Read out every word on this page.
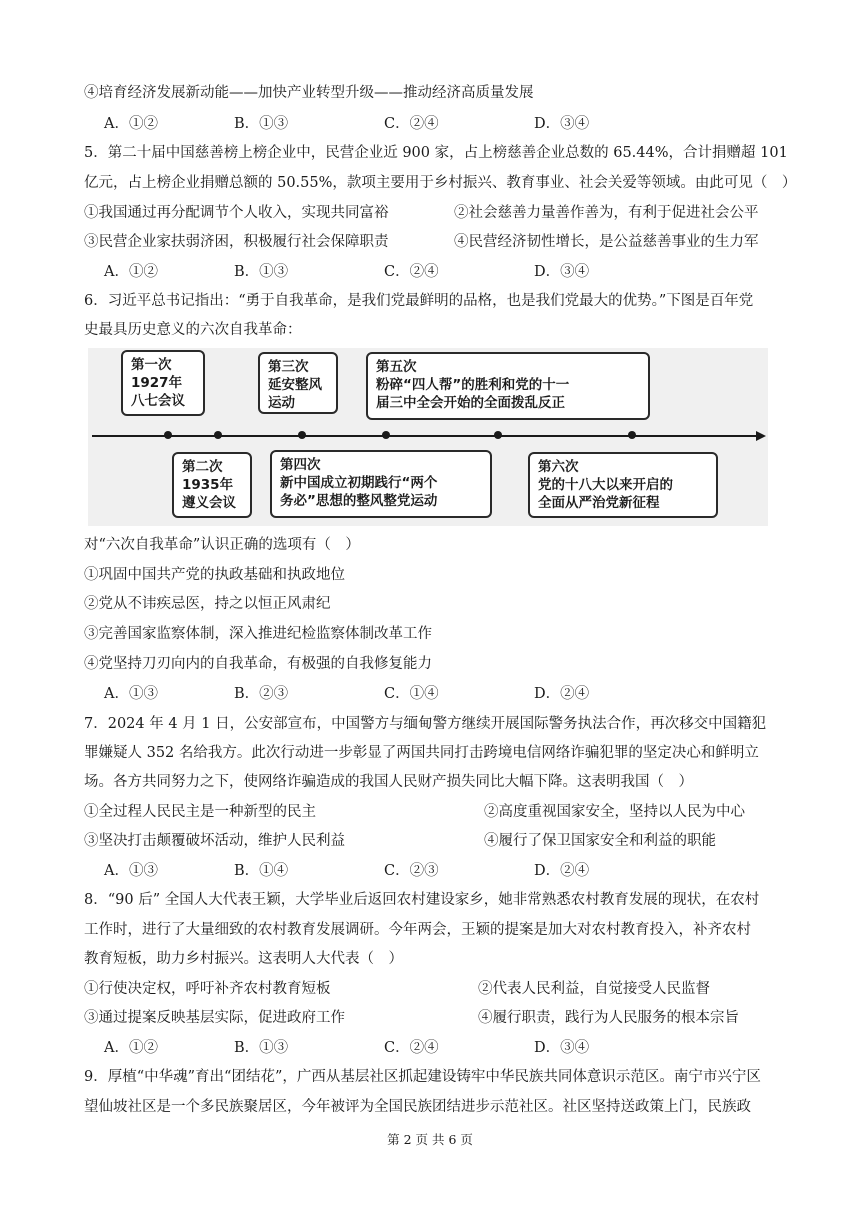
④培育经济发展新动能——加快产业转型升级——推动经济高质量发展
A．①②	B．①③	C．②④	D．③④
5．第二十届中国慈善榜上榜企业中，民营企业近 900 家，占上榜慈善企业总数的 65.44%，合计捐赠超 101
亿元，占上榜企业捐赠总额的 50.55%，款项主要用于乡村振兴、教育事业、社会关爱等领域。由此可见（　）
①我国通过再分配调节个人收入，实现共同富裕	②社会慈善力量善作善为，有利于促进社会公平
③民营企业家扶弱济困，积极履行社会保障职责	④民营经济韧性增长，是公益慈善事业的生力军
A．①②	B．①③	C．②④	D．③④
6．习近平总书记指出：“勇于自我革命，是我们党最鲜明的品格，也是我们党最大的优势。”下图是百年党
史最具历史意义的六次自我革命：
第一次
1927年
八七会议
第三次
延安整风
运动
第五次
粉碎“四人帮”的胜利和党的十一
届三中全会开始的全面拨乱反正
第二次
1935年
遵义会议
第四次
新中国成立初期践行“两个
务必”思想的整风整党运动
第六次
党的十八大以来开启的
全面从严治党新征程
对“六次自我革命”认识正确的选项有（　）
①巩固中国共产党的执政基础和执政地位
②党从不讳疾忌医，持之以恒正风肃纪
③完善国家监察体制，深入推进纪检监察体制改革工作
④党坚持刀刃向内的自我革命，有极强的自我修复能力
A．①③	B．②③	C．①④	D．②④
7．2024 年 4 月 1 日，公安部宣布，中国警方与缅甸警方继续开展国际警务执法合作，再次移交中国籍犯
罪嫌疑人 352 名给我方。此次行动进一步彰显了两国共同打击跨境电信网络诈骗犯罪的坚定决心和鲜明立
场。各方共同努力之下，使网络诈骗造成的我国人民财产损失同比大幅下降。这表明我国（　）
①全过程人民民主是一种新型的民主	②高度重视国家安全，坚持以人民为中心
③坚决打击颠覆破坏活动，维护人民利益	④履行了保卫国家安全和利益的职能
A．①③	B．①④	C．②③	D．②④
8．“90 后” 全国人大代表王颖，大学毕业后返回农村建设家乡，她非常熟悉农村教育发展的现状，在农村
工作时，进行了大量细致的农村教育发展调研。今年两会，王颖的提案是加大对农村教育投入，补齐农村
教育短板，助力乡村振兴。这表明人大代表（　）
①行使决定权，呼吁补齐农村教育短板	②代表人民利益，自觉接受人民监督
③通过提案反映基层实际，促进政府工作	④履行职责，践行为人民服务的根本宗旨
A．①②	B．①③	C．②④	D．③④
9．厚植“中华魂”育出“团结花”，广西从基层社区抓起建设铸牢中华民族共同体意识示范区。南宁市兴宁区
望仙坡社区是一个多民族聚居区，今年被评为全国民族团结进步示范社区。社区坚持送政策上门，民族政
第 2 页 共 6 页
